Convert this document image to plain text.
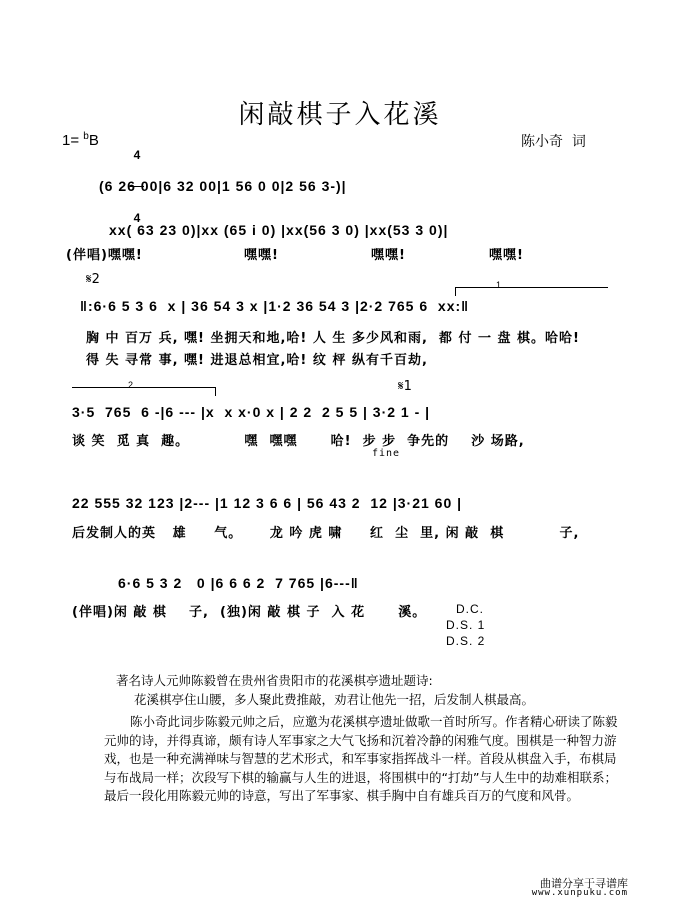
闲敲棋子入花溪
1= $^b$B

4

4

陈小奇  词
(6 26 00|6 32 00|1 56 0 0|2 56 3-)|
xx( 63 23 0)|xx (65 i 0) |xx(56 3 0) |xx(53 3 0)|
(伴唱)嘿嘿!	嘿嘿!	嘿嘿!	嘿嘿!
𝄋2	1
‖:6·6 5 3 6  x | 36 54 3 x |1·2 36 54 3 |2·2 765 6  xx:‖
胸 中 百万 兵, 嘿! 坐拥天和地,哈! 人 生 多少风和雨,  都 付 一 盘 棋。哈哈!
得 失 寻常 事, 嘿! 进退总相宜,哈! 纹 枰 纵有千百劫,
2	𝄋1
3·5  765  6 -|6 --- |x  x x·0 x | 2 2  2 5 5 | 3·2 1 - |
谈 笑  觅 真  趣。          嘿  嘿嘿      哈!  步 步  争先的    沙 场路,
fine
22 555 32 123 |2--- |1 12 3 6 6 | 56 43 2  12 |3·21 60 |
后发制人的英   雄     气。     龙 吟 虎 啸     红  尘  里, 闲 敲  棋          子,
6·6 5 3 2   0 |6 6 6 2  7 765 |6---‖
(伴唱)闲 敲 棋    子,  (独)闲 敲 棋 子  入 花      溪。 D.C.
D.S. 1
D.S. 2
著名诗人元帅陈毅曾在贵州省贵阳市的花溪棋亭遗址题诗:
花溪棋亭住山腰，多人聚此费推敲，劝君让他先一招，后发制人棋最高。
陈小奇此词步陈毅元帅之后，应邀为花溪棋亭遗址做歌一首时所写。作者精心研读了陈毅元帅的诗，并得真谛，颇有诗人军事家之大气飞扬和沉着冷静的闲雅气度。围棋是一种智力游戏，也是一种充满禅味与智慧的艺术形式，和军事家指挥战斗一样。首段从棋盘入手，布棋局与布战局一样；次段写下棋的输赢与人生的进退，将围棋中的“打劫”与人生中的劫难相联系；最后一段化用陈毅元帅的诗意，写出了军事家、棋手胸中自有雄兵百万的气度和风骨。
曲谱分享于寻谱库
www.xunpuku.com
